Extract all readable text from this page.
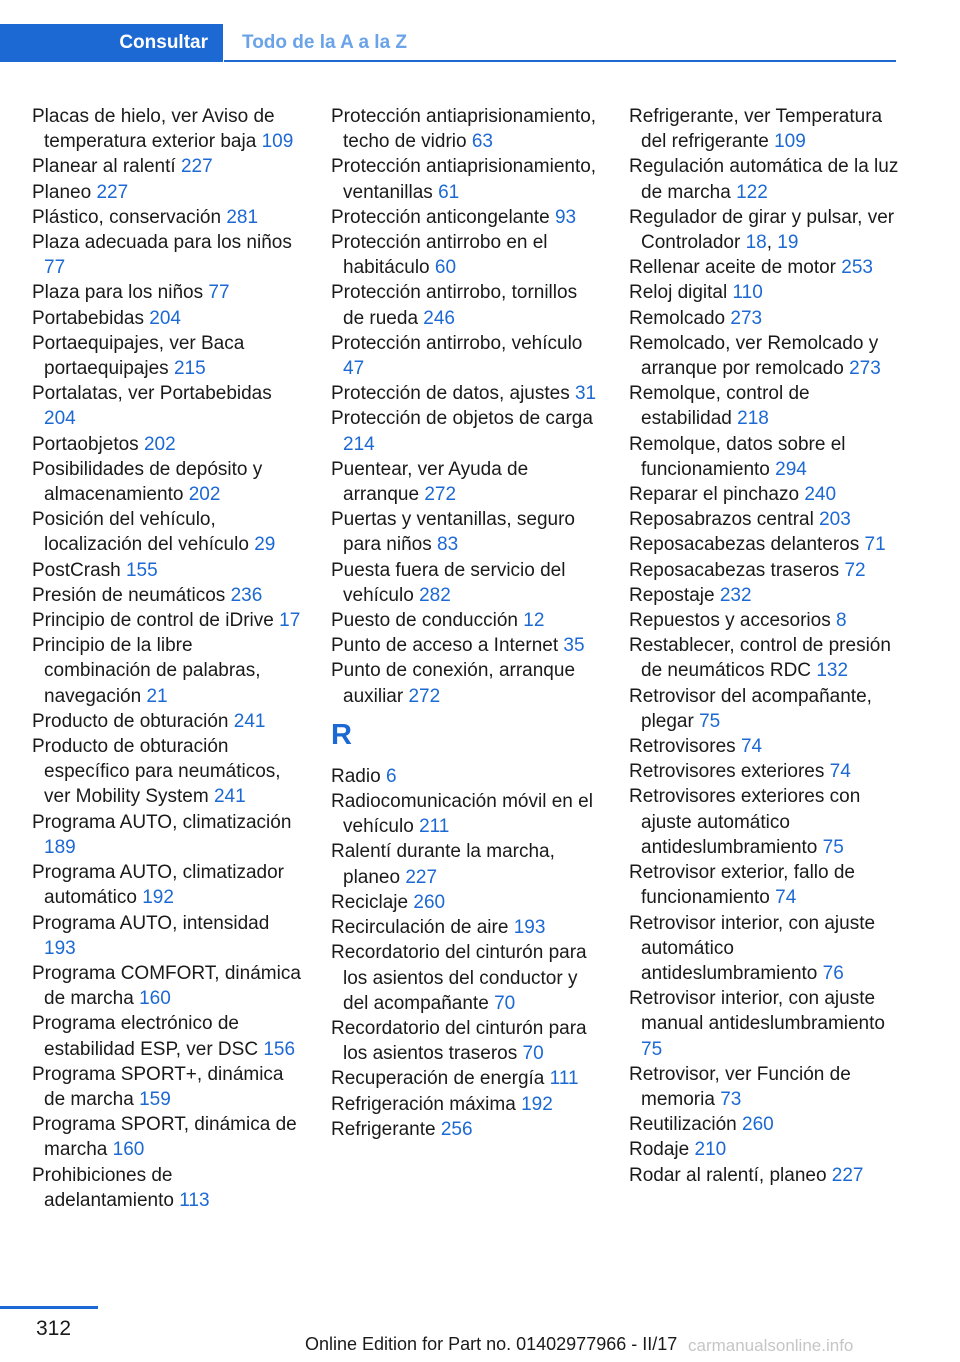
Consultar	Todo de la A a la Z
Placas de hielo, ver Aviso de temperatura exterior baja 109
Planear al ralentí 227
Planeo 227
Plástico, conservación 281
Plaza adecuada para los niños 77
Plaza para los niños 77
Portabebidas 204
Portaequipajes, ver Baca portaequipajes 215
Portalatas, ver Portabebidas 204
Portaobjetos 202
Posibilidades de depósito y almacenamiento 202
Posición del vehículo, localización del vehículo 29
PostCrash 155
Presión de neumáticos 236
Principio de control de iDrive 17
Principio de la libre combinación de palabras, navegación 21
Producto de obturación 241
Producto de obturación específico para neumáticos, ver Mobility System 241
Programa AUTO, climatización 189
Programa AUTO, climatizador automático 192
Programa AUTO, intensidad 193
Programa COMFORT, dinámica de marcha 160
Programa electrónico de estabilidad ESP, ver DSC 156
Programa SPORT+, dinámica de marcha 159
Programa SPORT, dinámica de marcha 160
Prohibiciones de adelantamiento 113
Protección antiaprisionamiento, techo de vidrio 63
Protección antiaprisionamiento, ventanillas 61
Protección anticongelante 93
Protección antirrobo en el habitáculo 60
Protección antirrobo, tornillos de rueda 246
Protección antirrobo, vehículo 47
Protección de datos, ajustes 31
Protección de objetos de carga 214
Puentear, ver Ayuda de arranque 272
Puertas y ventanillas, seguro para niños 83
Puesta fuera de servicio del vehículo 282
Puesto de conducción 12
Punto de acceso a Internet 35
Punto de conexión, arranque auxiliar 272
R
Radio 6
Radiocomunicación móvil en el vehículo 211
Ralentí durante la marcha, planeo 227
Reciclaje 260
Recirculación de aire 193
Recordatorio del cinturón para los asientos del conductor y del acompañante 70
Recordatorio del cinturón para los asientos traseros 70
Recuperación de energía 111
Refrigeración máxima 192
Refrigerante 256
Refrigerante, ver Temperatura del refrigerante 109
Regulación automática de la luz de marcha 122
Regulador de girar y pulsar, ver Controlador 18, 19
Rellenar aceite de motor 253
Reloj digital 110
Remolcado 273
Remolcado, ver Remolcado y arranque por remolcado 273
Remolque, control de estabilidad 218
Remolque, datos sobre el funcionamiento 294
Reparar el pinchazo 240
Reposabrazos central 203
Reposacabezas delanteros 71
Reposacabezas traseros 72
Repostaje 232
Repuestos y accesorios 8
Restablecer, control de presión de neumáticos RDC 132
Retrovisor del acompañante, plegar 75
Retrovisores 74
Retrovisores exteriores 74
Retrovisores exteriores con ajuste automático antideslumbramiento 75
Retrovisor exterior, fallo de funcionamiento 74
Retrovisor interior, con ajuste automático antideslumbramiento 76
Retrovisor interior, con ajuste manual antideslumbramiento 75
Retrovisor, ver Función de memoria 73
Reutilización 260
Rodaje 210
Rodar al ralentí, planeo 227
312
Online Edition for Part no. 01402977966 - II/17 carmanualsonline.info
